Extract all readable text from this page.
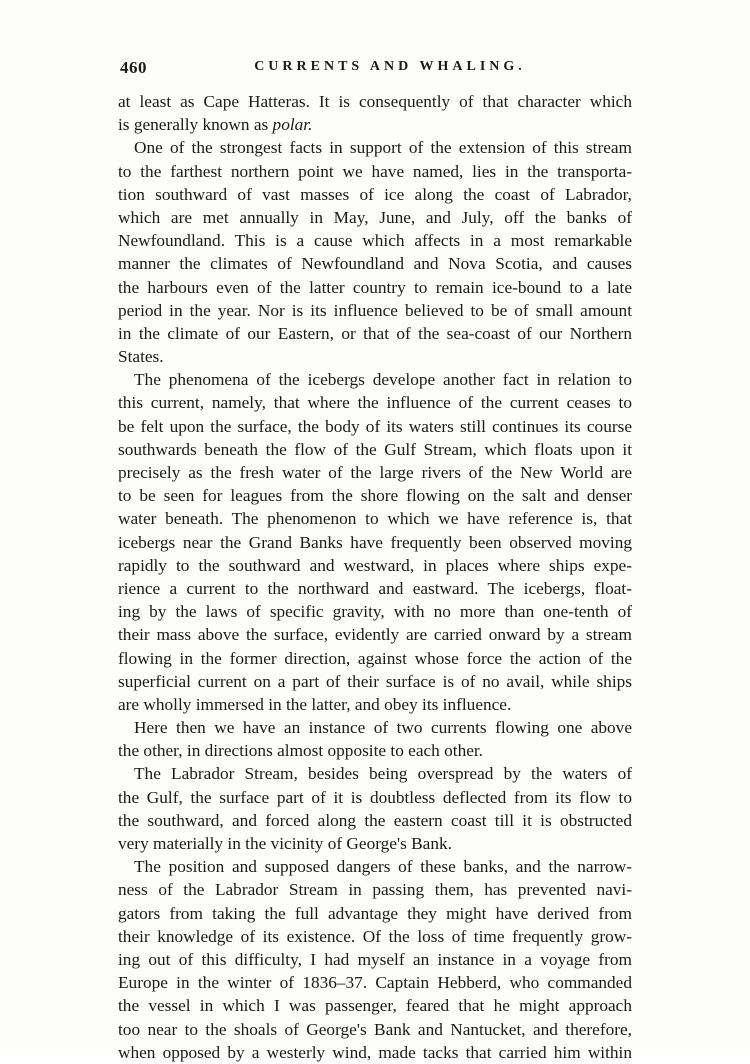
460	CURRENTS AND WHALING.
at least as Cape Hatteras. It is consequently of that character which
is generally known as polar.
One of the strongest facts in support of the extension of this stream
to the farthest northern point we have named, lies in the transporta-
tion southward of vast masses of ice along the coast of Labrador,
which are met annually in May, June, and July, off the banks of
Newfoundland. This is a cause which affects in a most remarkable
manner the climates of Newfoundland and Nova Scotia, and causes
the harbours even of the latter country to remain ice-bound to a late
period in the year. Nor is its influence believed to be of small amount
in the climate of our Eastern, or that of the sea-coast of our Northern
States.
The phenomena of the icebergs develope another fact in relation to
this current, namely, that where the influence of the current ceases to
be felt upon the surface, the body of its waters still continues its course
southwards beneath the flow of the Gulf Stream, which floats upon it
precisely as the fresh water of the large rivers of the New World are
to be seen for leagues from the shore flowing on the salt and denser
water beneath. The phenomenon to which we have reference is, that
icebergs near the Grand Banks have frequently been observed moving
rapidly to the southward and westward, in places where ships expe-
rience a current to the northward and eastward. The icebergs, float-
ing by the laws of specific gravity, with no more than one-tenth of
their mass above the surface, evidently are carried onward by a stream
flowing in the former direction, against whose force the action of the
superficial current on a part of their surface is of no avail, while ships
are wholly immersed in the latter, and obey its influence.
Here then we have an instance of two currents flowing one above
the other, in directions almost opposite to each other.
The Labrador Stream, besides being overspread by the waters of
the Gulf, the surface part of it is doubtless deflected from its flow to
the southward, and forced along the eastern coast till it is obstructed
very materially in the vicinity of George's Bank.
The position and supposed dangers of these banks, and the narrow-
ness of the Labrador Stream in passing them, has prevented navi-
gators from taking the full advantage they might have derived from
their knowledge of its existence. Of the loss of time frequently grow-
ing out of this difficulty, I had myself an instance in a voyage from
Europe in the winter of 1836–37. Captain Hebberd, who commanded
the vessel in which I was passenger, feared that he might approach
too near to the shoals of George's Bank and Nantucket, and therefore,
when opposed by a westerly wind, made tacks that carried him within
